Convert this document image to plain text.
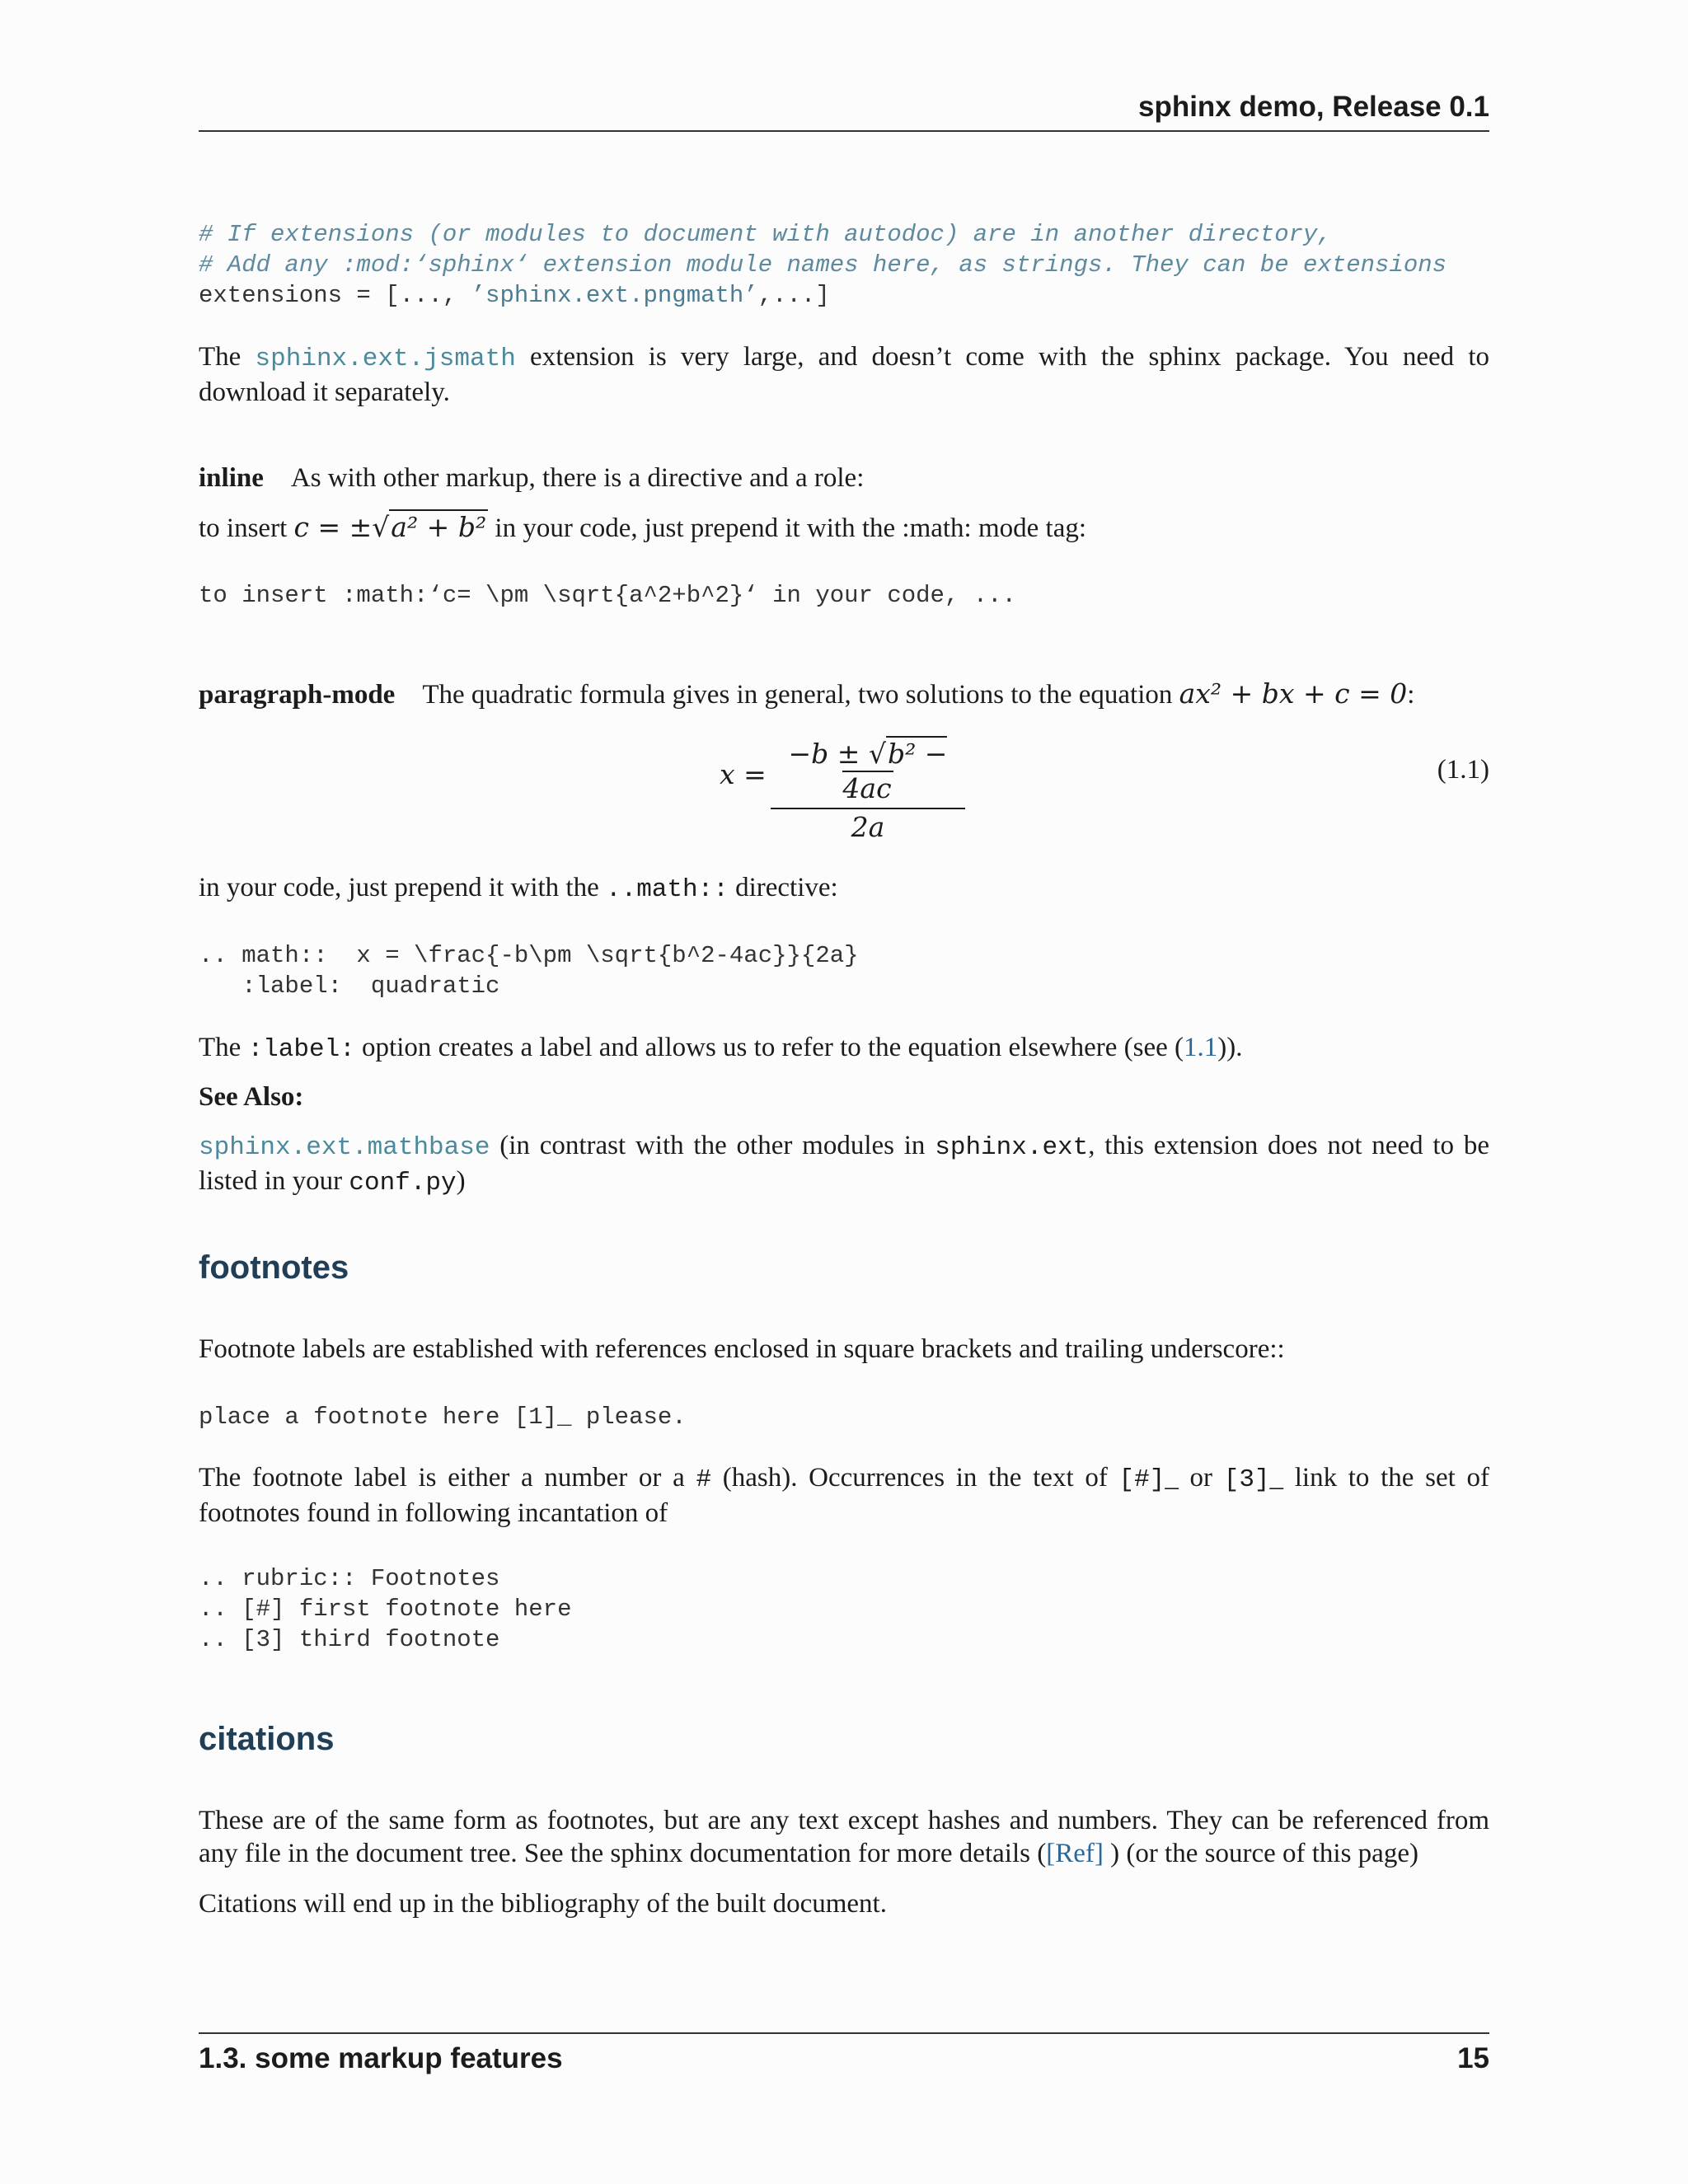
sphinx demo, Release 0.1
# If extensions (or modules to document with autodoc) are in another directory,
# Add any :mod:‘sphinx‘ extension module names here, as strings. They can be extensions
extensions = [..., ’sphinx.ext.pngmath’,...]
The sphinx.ext.jsmath extension is very large, and doesn’t come with the sphinx package. You need to download it separately.
inline As with other markup, there is a directive and a role:
to insert c = ±√a² + b² in your code, just prepend it with the :math: mode tag:
to insert :math:‘c= \pm \sqrt{a^2+b^2}‘ in your code, ...
paragraph-mode The quadratic formula gives in general, two solutions to the equation ax² + bx + c = 0:
$x = \frac{\text{−b ± √b² − 4ac}}{2a}$	(1.1)
in your code, just prepend it with the ..math:: directive:
.. math::  x = \frac{-b\pm \sqrt{b^2-4ac}}{2a}
:label:  quadratic
The :label: option creates a label and allows us to refer to the equation elsewhere (see (1.1)).
See Also:
sphinx.ext.mathbase (in contrast with the other modules in sphinx.ext, this extension does not need to be listed in your conf.py)
footnotes
Footnote labels are established with references enclosed in square brackets and trailing underscore::
place a footnote here [1]_ please.
The footnote label is either a number or a # (hash). Occurrences in the text of [#]_ or [3]_ link to the set of footnotes found in following incantation of
.. rubric:: Footnotes
.. [#] first footnote here
.. [3] third footnote
citations
These are of the same form as footnotes, but are any text except hashes and numbers. They can be referenced from any file in the document tree. See the sphinx documentation for more details ([Ref] ) (or the source of this page)
Citations will end up in the bibliography of the built document.
1.3. some markup features	15
